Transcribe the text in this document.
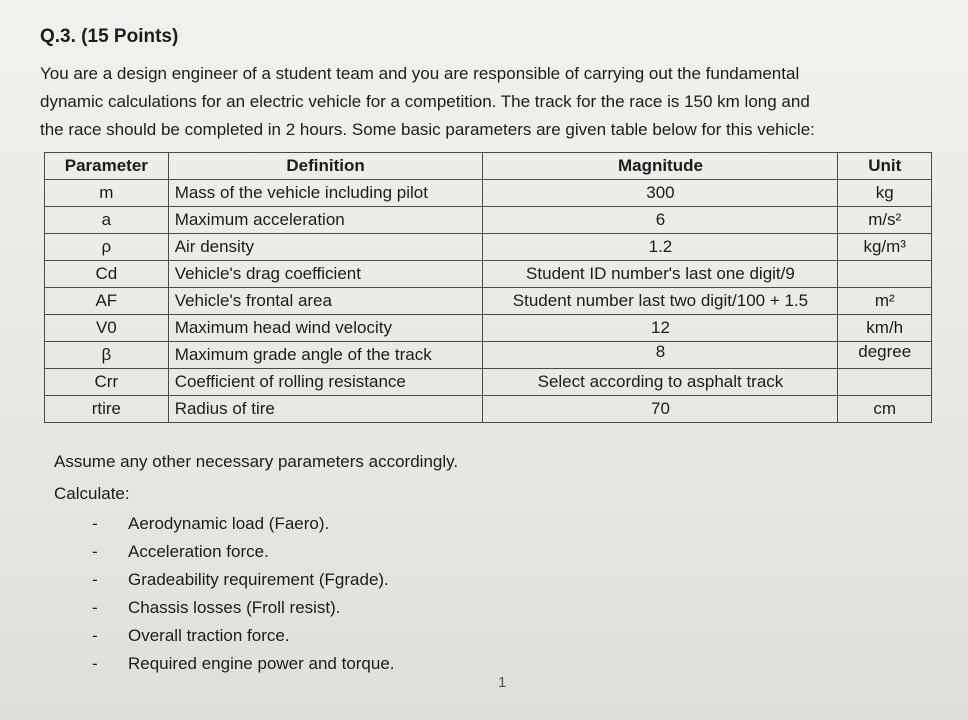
Q.3. (15 Points)

You are a design engineer of a student team and you are responsible of carrying out the fundamental

dynamic calculations for an electric vehicle for a competition. The track for the race is 150 km long and

the race should be completed in 2 hours. Some basic parameters are given table below for this vehicle:

Parameter	Definition	Magnitude	Unit
m	Mass of the vehicle including pilot	300	kg
a	Maximum acceleration	6	m/s²
ρ	Air density	1.2	kg/m³
Cd	Vehicle's drag coefficient	Student ID number's last one digit/9	
AF	Vehicle's frontal area	Student number last two digit/100 + 1.5	m²
V0	Maximum head wind velocity	12	km/h
β	Maximum grade angle of the track	8	degree
Crr	Coefficient of rolling resistance	Select according to asphalt track	
rtire	Radius of tire	70	cm
Assume any other necessary parameters accordingly.
Calculate:
- Aerodynamic load (Faero).
- Acceleration force.
- Gradeability requirement (Fgrade).
- Chassis losses (Froll resist).
- Overall traction force.
- Required engine power and torque.
1
